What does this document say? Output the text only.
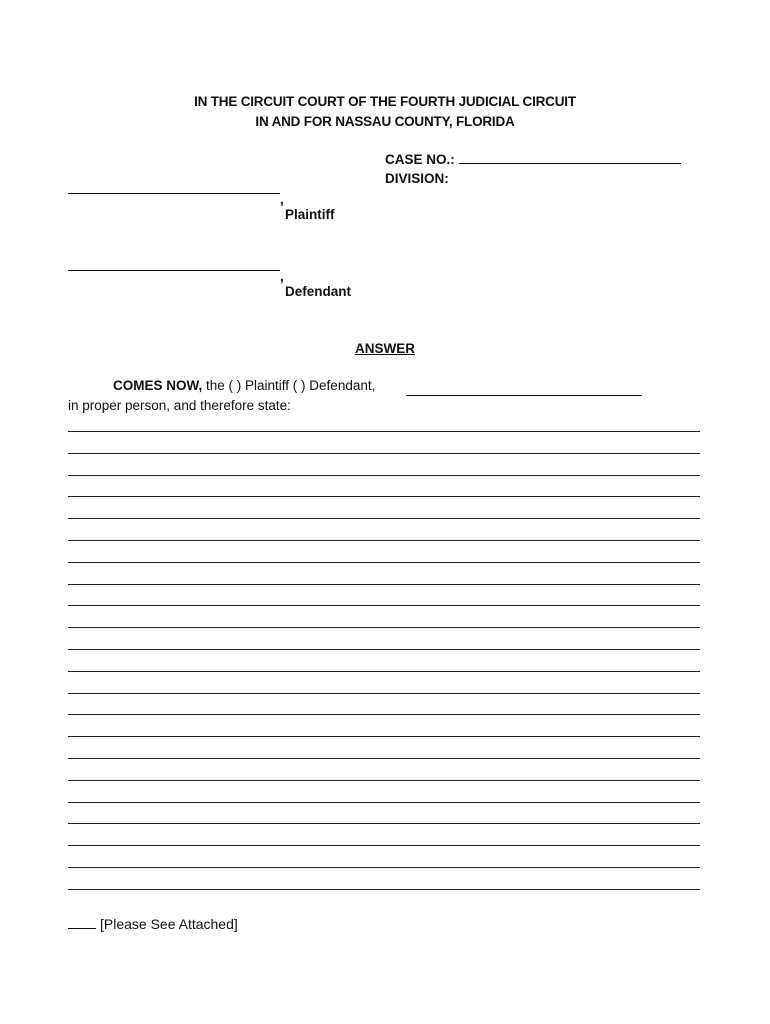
IN THE CIRCUIT COURT OF THE FOURTH JUDICIAL CIRCUIT
IN AND FOR NASSAU COUNTY, FLORIDA
CASE NO.:
DIVISION:
,
Plaintiff
,
Defendant
ANSWER
COMES NOW, the ( ) Plaintiff ( ) Defendant,
in proper person, and therefore state:
[Please See Attached]
